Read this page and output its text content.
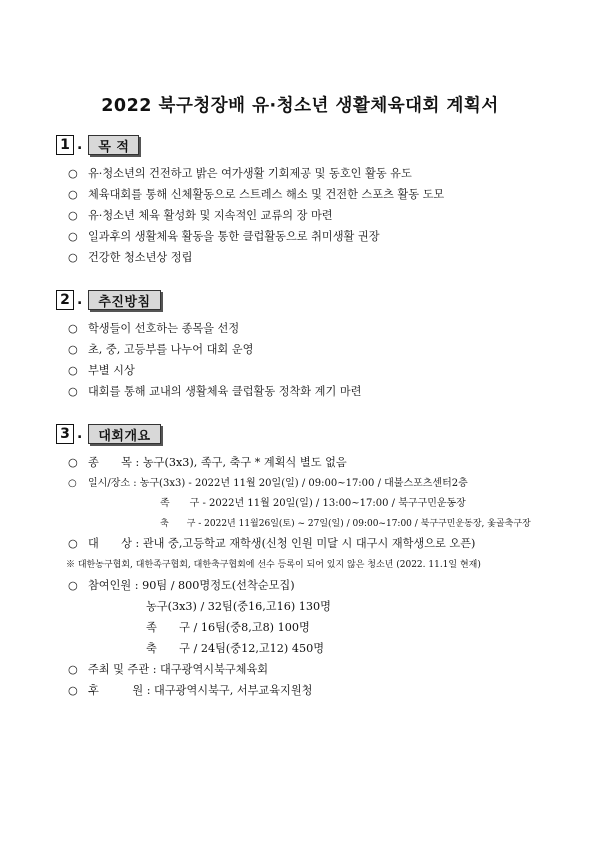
2022 북구청장배 유·청소년 생활체육대회 계획서
1 .	목 적
○ 유·청소년의 건전하고 밝은 여가생활 기회제공 및 동호인 활동 유도
○ 체육대회를 통해 신체활동으로 스트레스 해소 및 건전한 스포츠 활동 도모
○ 유·청소년 체육 활성화 및 지속적인 교류의 장 마련
○ 일과후의 생활체육 활동을 통한 클럽활동으로 취미생활 권장
○ 건강한 청소년상 정립
2 .	추진방침
○ 학생들이 선호하는 종목을 선정
○ 초, 중, 고등부를 나누어 대회 운영
○ 부별 시상
○ 대회를 통해 교내의 생활체육 클럽활동 정착화 계기 마련
3 .	대회개요
○ 종　　목 : 농구(3x3), 족구, 축구 * 계획식 별도 없음
○ 일시/장소 : 농구(3x3) - 2022년 11월 20일(일) / 09:00~17:00 / 대불스포츠센터2층
족　　구 - 2022년 11월 20일(일) / 13:00~17:00 / 북구구민운동장
축　　구 - 2022년 11월26일(토) ~ 27일(일) / 09:00~17:00 / 북구구민운동장, 옻골축구장
○ 대　　상 : 관내 중,고등학교 재학생(신청 인원 미달 시 대구시 재학생으로 오픈)
※ 대한농구협회, 대한족구협회, 대한축구협회에 선수 등록이 되어 있지 않은 청소년 (2022. 11.1일 현재)
○ 참여인원 : 90팀 / 800명정도(선착순모집)
농구(3x3) / 32팀(중16,고16) 130명
족　　구 / 16팀(중8,고8) 100명
축　　구 / 24팀(중12,고12) 450명
○ 주최 및 주관 : 대구광역시북구체육회
○ 후　　　원 : 대구광역시북구, 서부교육지원청
